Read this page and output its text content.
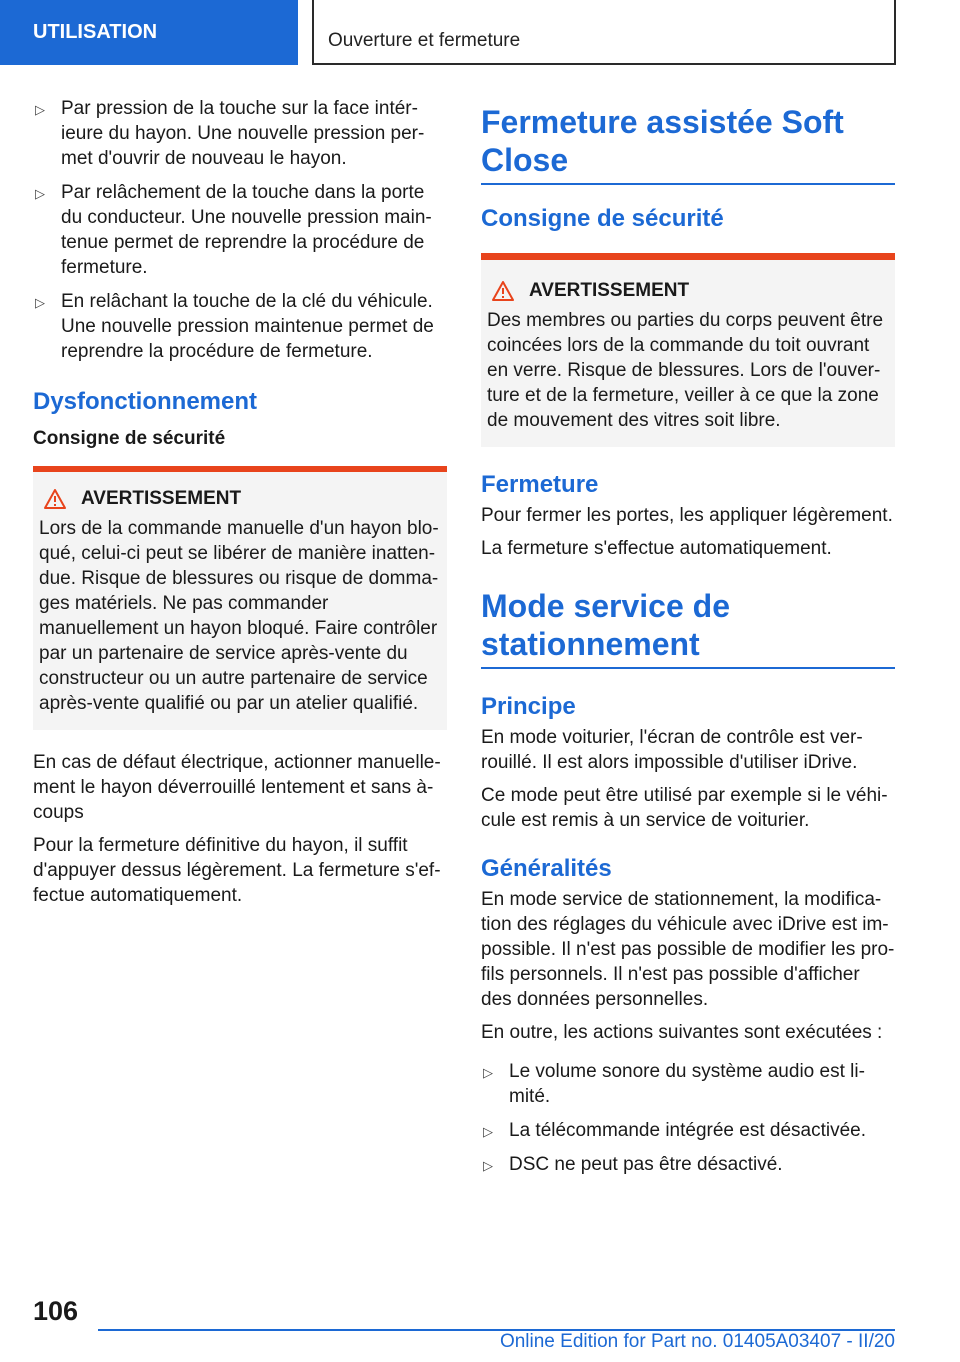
UTILISATION	Ouverture et fermeture
▷ Par pression de la touche sur la face intér-ieure du hayon. Une nouvelle pression per-met d'ouvrir de nouveau le hayon.
▷ Par relâchement de la touche dans la porte du conducteur. Une nouvelle pression main-tenue permet de reprendre la procédure de fermeture.
▷ En relâchant la touche de la clé du véhicule. Une nouvelle pression maintenue permet de reprendre la procédure de fermeture.
Dysfonctionnement
Consigne de sécurité
AVERTISSEMENT
Lors de la commande manuelle d'un hayon blo-qué, celui-ci peut se libérer de manière inatten-due. Risque de blessures ou risque de domma-ges matériels. Ne pas commander manuellement un hayon bloqué. Faire contrôler par un partenaire de service après-vente du constructeur ou un autre partenaire de service après-vente qualifié ou par un atelier qualifié.

En cas de défaut électrique, actionner manuelle-ment le hayon déverrouillé lentement et sans à-coups

Pour la fermeture définitive du hayon, il suffit d'appuyer dessus légèrement. La fermeture s'ef-fectue automatiquement.

Fermeture assistée Soft Close
Consigne de sécurité
AVERTISSEMENT
Des membres ou parties du corps peuvent être coincées lors de la commande du toit ouvrant en verre. Risque de blessures. Lors de l'ouver-ture et de la fermeture, veiller à ce que la zone de mouvement des vitres soit libre.
Fermeture

Pour fermer les portes, les appliquer légèrement.

La fermeture s'effectue automatiquement.

Mode service de stationnement
Principe

En mode voiturier, l'écran de contrôle est ver-rouillé. Il est alors impossible d'utiliser iDrive.

Ce mode peut être utilisé par exemple si le véhi-cule est remis à un service de voiturier.

Généralités

En mode service de stationnement, la modifica-tion des réglages du véhicule avec iDrive est im-possible. Il n'est pas possible de modifier les pro-fils personnels. Il n'est pas possible d'afficher des données personnelles.

En outre, les actions suivantes sont exécutées :

▷ Le volume sonore du système audio est li-mité.
▷ La télécommande intégrée est désactivée.
▷ DSC ne peut pas être désactivé.
106
Online Edition for Part no. 01405A03407 - II/20
